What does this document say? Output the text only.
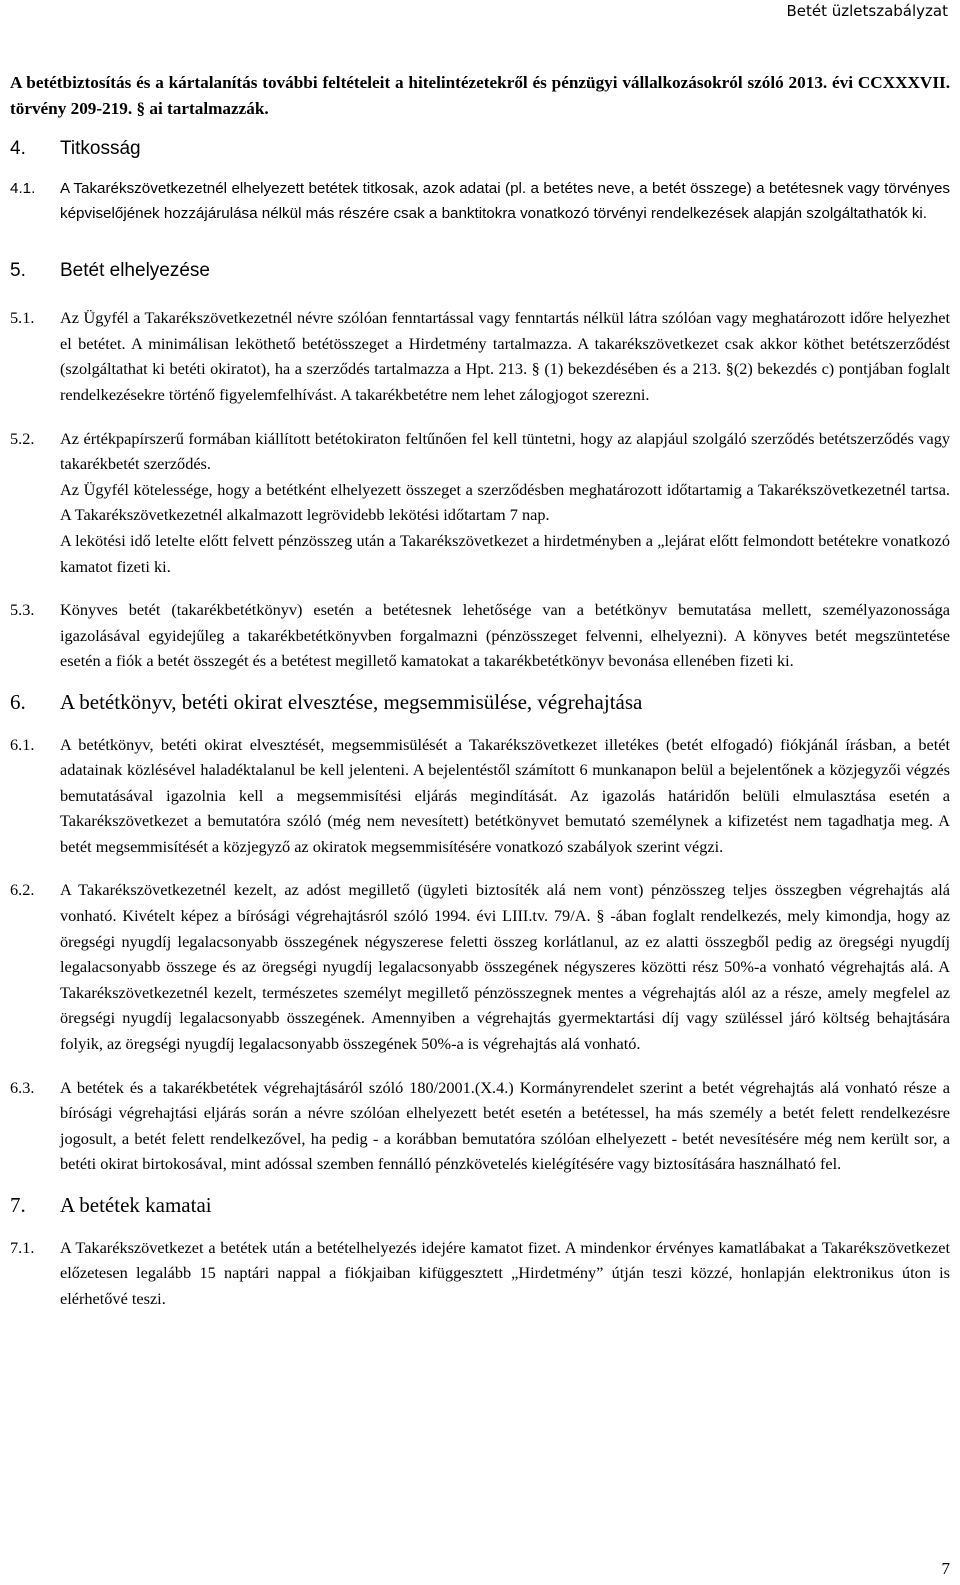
Betét üzletszabályzat

A betétbiztosítás és a kártalanítás további feltételeit a hitelintézetekről és pénzügyi vállalkozásokról szóló 2013. évi CCXXXVII. törvény 209-219. § ai tartalmazzák.

4.	Titkosság
4.1.	A Takarékszövetkezetnél elhelyezett betétek titkosak, azok adatai (pl. a betétes neve, a betét összege) a betétesnek vagy törvényes képviselőjének hozzájárulása nélkül más részére csak a banktitokra vonatkozó törvényi rendelkezések alapján szolgáltathatók ki.
5.	Betét elhelyezése
5.1.	Az Ügyfél a Takarékszövetkezetnél névre szólóan fenntartással vagy fenntartás nélkül látra szólóan vagy meghatározott időre helyezhet el betétet. A minimálisan leköthető betétösszeget a Hirdetmény tartalmazza. A takarékszövetkezet csak akkor köthet betétszerződést (szolgáltathat ki betéti okiratot), ha a szerződés tartalmazza a Hpt. 213. § (1) bekezdésében és a 213. §(2) bekezdés c) pontjában foglalt rendelkezésekre történő figyelemfelhívást. A takarékbetétre nem lehet zálogjogot szerezni.
5.2.	Az értékpapírszerű formában kiállított betétokiraton feltűnően fel kell tüntetni, hogy az alapjául szolgáló szerződés betétszerződés vagy takarékbetét szerződés.

Az Ügyfél kötelessége, hogy a betétként elhelyezett összeget a szerződésben meghatározott időtartamig a Takarékszövetkezetnél tartsa. A Takarékszövetkezetnél alkalmazott legrövidebb lekötési időtartam 7 nap.

A lekötési idő letelte előtt felvett pénzösszeg után a Takarékszövetkezet a hirdetményben a „lejárat előtt felmondott betétekre vonatkozó kamatot fizeti ki.

5.3.	Könyves betét (takarékbetétkönyv) esetén a betétesnek lehetősége van a betétkönyv bemutatása mellett, személyazonossága igazolásával egyidejűleg a takarékbetétkönyvben forgalmazni (pénzösszeget felvenni, elhelyezni). A könyves betét megszüntetése esetén a fiók a betét összegét és a betétest megillető kamatokat a takarékbetétkönyv bevonása ellenében fizeti ki.
6.	A betétkönyv, betéti okirat elvesztése, megsemmisülése, végrehajtása
6.1.	A betétkönyv, betéti okirat elvesztését, megsemmisülését a Takarékszövetkezet illetékes (betét elfogadó) fiókjánál írásban, a betét adatainak közlésével haladéktalanul be kell jelenteni. A bejelentéstől számított 6 munkanapon belül a bejelentőnek a közjegyzői végzés bemutatásával igazolnia kell a megsemmisítési eljárás megindítását. Az igazolás határidőn belüli elmulasztása esetén a Takarékszövetkezet a bemutatóra szóló (még nem nevesített) betétkönyvet bemutató személynek a kifizetést nem tagadhatja meg. A betét megsemmisítését a közjegyző az okiratok megsemmisítésére vonatkozó szabályok szerint végzi.
6.2.	A Takarékszövetkezetnél kezelt, az adóst megillető (ügyleti biztosíték alá nem vont) pénzösszeg teljes összegben végrehajtás alá vonható. Kivételt képez a bírósági végrehajtásról szóló 1994. évi LIII.tv. 79/A. § -ában foglalt rendelkezés, mely kimondja, hogy az öregségi nyugdíj legalacsonyabb összegének négyszerese feletti összeg korlátlanul, az ez alatti összegből pedig az öregségi nyugdíj legalacsonyabb összege és az öregségi nyugdíj legalacsonyabb összegének négyszeres közötti rész 50%-a vonható végrehajtás alá. A Takarékszövetkezetnél kezelt, természetes személyt megillető pénzösszegnek mentes a végrehajtás alól az a része, amely megfelel az öregségi nyugdíj legalacsonyabb összegének. Amennyiben a végrehajtás gyermektartási díj vagy szüléssel járó költség behajtására folyik, az öregségi nyugdíj legalacsonyabb összegének 50%-a is végrehajtás alá vonható.
6.3.	A betétek és a takarékbetétek végrehajtásáról szóló 180/2001.(X.4.) Kormányrendelet szerint a betét végrehajtás alá vonható része a bírósági végrehajtási eljárás során a névre szólóan elhelyezett betét esetén a betétessel, ha más személy a betét felett rendelkezésre jogosult, a betét felett rendelkezővel, ha pedig - a korábban bemutatóra szólóan elhelyezett - betét nevesítésére még nem került sor, a betéti okirat birtokosával, mint adóssal szemben fennálló pénzkövetelés kielégítésére vagy biztosítására használható fel.
7.	A betétek kamatai
7.1.	A Takarékszövetkezet a betétek után a betételhelyezés idejére kamatot fizet. A mindenkor érvényes kamatlábakat a Takarékszövetkezet előzetesen legalább 15 naptári nappal a fiókjaiban kifüggesztett „Hirdetmény” útján teszi közzé, honlapján elektronikus úton is elérhetővé teszi.
7
